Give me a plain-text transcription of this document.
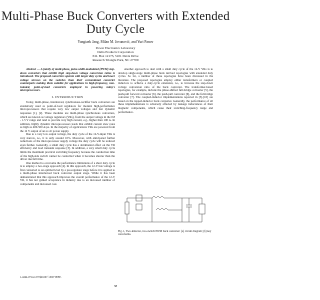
Multi-Phase Buck Converters with Extended
Duty Cycle
Yungtaek Jang, Milan M. Jovanović, and Yuri Panov
Power Electronics Laboratory
Delta Products Corporation
P.O. Box 12173, 5101 Davis Drive
Research Triangle Park, NC 27709

Abstract — A family of multi-phase, pulse-width-modulated (PWM) step-down converters that exhibit high step-down voltage conversion ratios is introduced. The proposed converters operate with larger duty cycles and lower voltage stresses on the switches than their conventional converter counterparts making them suitable for applications in high-frequency, non-isolated, point-of-load converters employed in powering today's microprocessors.

I. INTRODUCTION

Today, multi-phase, interleaved, synchronous-rectifier buck converters are extensively used as point-of-load regulators for modern high-performance microprocessors that require very low output voltages and fast dynamic responses [1], [2]. These modules are multi-phase synchronous converters, which are known as voltage regulators (VRs), from the output voltage in the 0.8 - 1.5 V range and tend to provide very high current, e.g., higher than 100 A. In addition, highly dynamic microprocessors loads that exhibit current slew rates as high as 400-500 A/µs. In the majority of applications VRs are powered from the 12 V output of an ac-dc power supply.

Due to a very low output voltage, the duty cycle of the 12-V-input VRs is very narrow, i.e., it is only around 10%. Moreover, with anticipated further reductions of the microprocessor supply voltage the duty cycle will be reduced even further. Generally, a small duty cycle has a detrimental effect on the VR efficiency and load transient response [3]. In addition, a very small duty cycle limits the maximum practical switching frequency because the conduction time of the high-side switch cannot be controlled when it becomes shorter than the driver rise/fall time.

One method to overcome the performance limitations of a short duty cycle is to employ a two-stage approach [4]. In this approach, the 12-V bus voltage is first converted to an optimal level by a pre-regulator stage before it is applied to a multi-phase interleaved buck converter output stage. While it has been demonstrated that this approach improves the overall performance of the 12-V VR, it has not gained acceptance in industry due to an increased number of components and increased cost.

Another approach to deal with a small duty cycle of the 12-V VRs is to develop single-stage multi-phase buck derived topologies with extended duty cycles. So far, a number of these topologies have been discussed in the literature. The proposed topologies employ either transformers or coupled inductors to achieve a duty-cycle extension, i.e., to increase the step-down voltage conversion ratio of the buck converter. The transformer-based topologies, for example, include the phase-shifted full-bridge converter [5], the push-pull forward converter [6], the push-pull converter [6], and the full-bridge converter [7]. The coupled-inductor implementations reported in [5]-[10] are based on the tapped-inductor buck converter. Generally, the performance of all these implementations is adversely affected by leakage inductances of their magnetic components, which cause their switching-frequency range and performance.

Fig. 1. Two-inductor, two-switch PWM buck converter: (a) circuit diagram; (b) key waveforms.
1-4244-0714-1/07/$20.00 ©2007 IEEE.
38
